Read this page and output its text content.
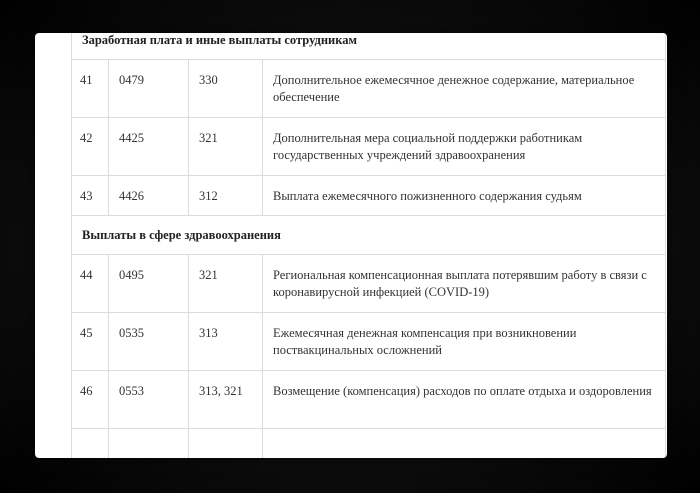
Заработная плата и иные выплаты сотрудникам			
41	0479	330	Дополнительное ежемесячное денежное содержание, материальное обеспечение
42	4425	321	Дополнительная мера социальной поддержки работникам государственных учреждений здравоохранения
43	4426	312	Выплата ежемесячного пожизненного содержания судьям
Выплаты в сфере здравоохранения			
44	0495	321	Региональная компенсационная выплата потерявшим работу в связи с коронавирусной инфекцией (COVID-19)
45	0535	313	Ежемесячная денежная компенсация при возникновении поствакцинальных осложнений
46	0553	313, 321	Возмещение (компенсация) расходов по оплате отдыха и оздоровления
